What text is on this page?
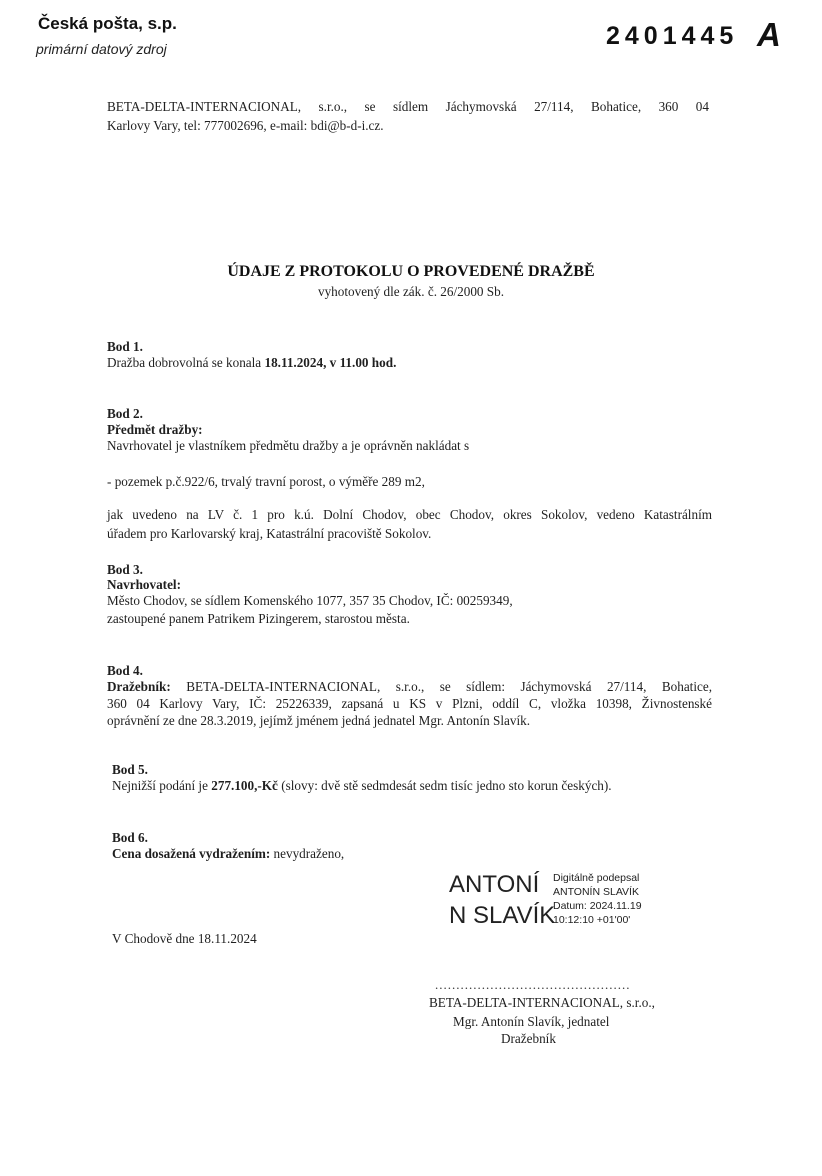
Česká pošta, s.p.
primární datový zdroj	2401445 A
BETA-DELTA-INTERNACIONAL, s.r.o., se sídlem Jáchymovská 27/114, Bohatice, 360 04
Karlovy Vary, tel: 777002696, e-mail: bdi@b-d-i.cz.
ÚDAJE Z PROTOKOLU O PROVEDENÉ DRAŽBĚ
vyhotovený dle zák. č. 26/2000 Sb.
Bod 1.
Dražba dobrovolná se konala 18.11.2024, v 11.00 hod.
Bod 2.
Předmět dražby:
Navrhovatel je vlastníkem předmětu dražby a je oprávněn nakládat s
- pozemek p.č.922/6, trvalý travní porost, o výměře 289 m2,
jak uvedeno na LV č. 1 pro k.ú. Dolní Chodov, obec Chodov, okres Sokolov, vedeno Katastrálním
úřadem pro Karlovarský kraj, Katastrální pracoviště Sokolov.
Bod 3.
Navrhovatel:
Město Chodov, se sídlem Komenského 1077, 357 35 Chodov, IČ: 00259349,
zastoupené panem Patrikem Pizingerem, starostou města.
Bod 4.
Dražebník: BETA-DELTA-INTERNACIONAL, s.r.o., se sídlem: Jáchymovská 27/114, Bohatice,
360 04 Karlovy Vary, IČ: 25226339, zapsaná u KS v Plzni, oddíl C, vložka 10398, Živnostenské
oprávnění ze dne 28.3.2019, jejímž jménem jedná jednatel Mgr. Antonín Slavík.
Bod 5.
Nejnižší podání je 277.100,-Kč (slovy: dvě stě sedmdesát sedm tisíc jedno sto korun českých).
Bod 6.
Cena dosažená vydražením: nevydraženo,
ANTONÍ
N SLAVÍK
Digitálně podepsal
ANTONÍN SLAVÍK
Datum: 2024.11.19
10:12:10 +01'00'
V Chodově dne 18.11.2024
..............................................
BETA-DELTA-INTERNACIONAL, s.r.o.,
Mgr. Antonín Slavík, jednatel
Dražebník
